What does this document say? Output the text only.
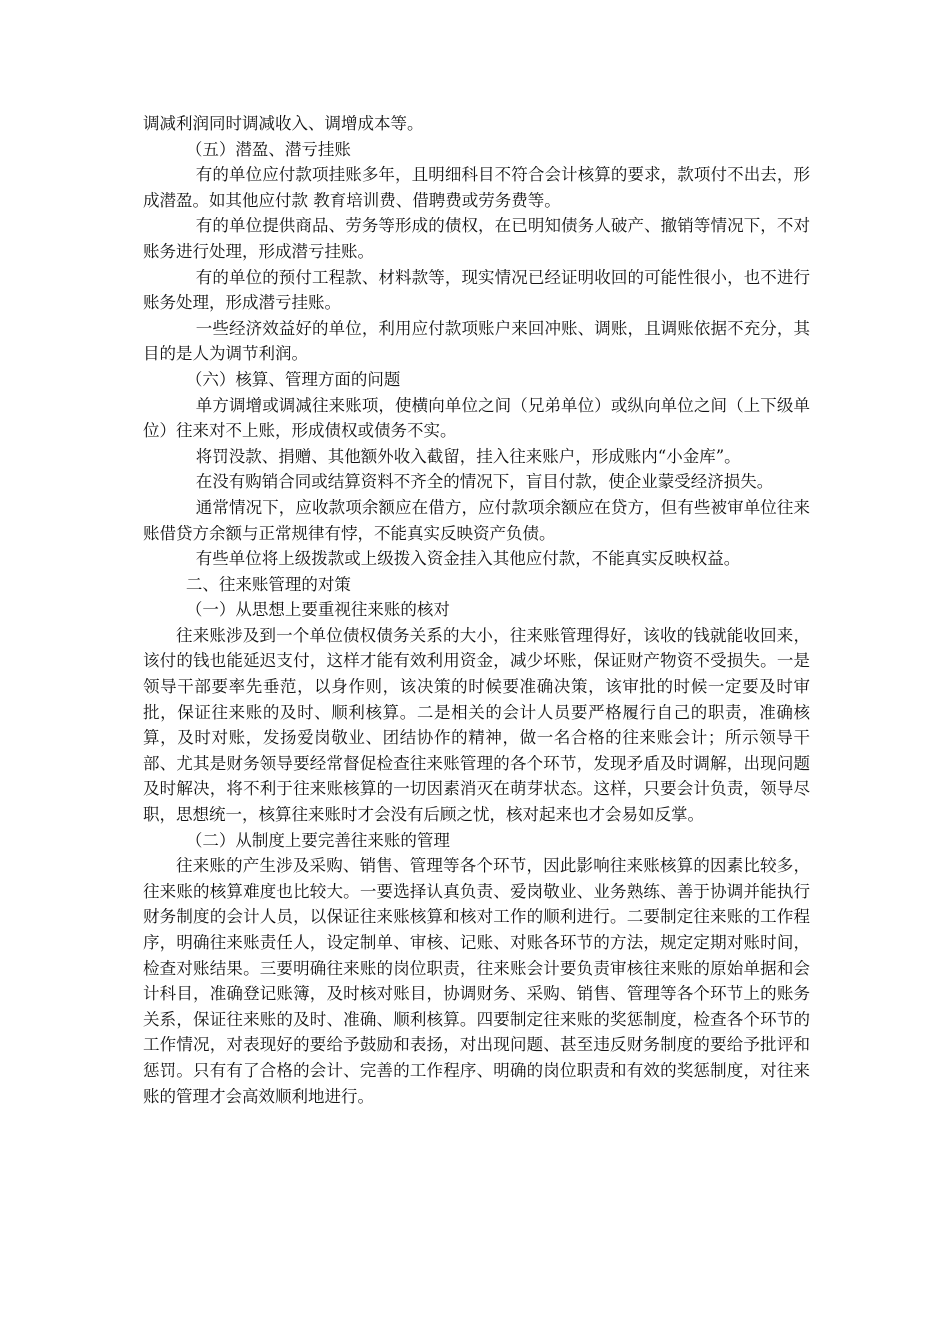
调减利润同时调减收入、调增成本等。

（五）潜盈、潜亏挂账

有的单位应付款项挂账多年，且明细科目不符合会计核算的要求，款项付不出去，形成潜盈。如其他应付款 教育培训费、借聘费或劳务费等。

有的单位提供商品、劳务等形成的债权，在已明知债务人破产、撤销等情况下，不对账务进行处理，形成潜亏挂账。

有的单位的预付工程款、材料款等，现实情况已经证明收回的可能性很小，也不进行账务处理，形成潜亏挂账。

一些经济效益好的单位，利用应付款项账户来回冲账、调账，且调账依据不充分，其目的是人为调节利润。

（六）核算、管理方面的问题

单方调增或调减往来账项，使横向单位之间（兄弟单位）或纵向单位之间（上下级单位）往来对不上账，形成债权或债务不实。

将罚没款、捐赠、其他额外收入截留，挂入往来账户，形成账内“小金库”。

在没有购销合同或结算资料不齐全的情况下，盲目付款，使企业蒙受经济损失。

通常情况下，应收款项余额应在借方，应付款项余额应在贷方，但有些被审单位往来账借贷方余额与正常规律有悖，不能真实反映资产负债。

有些单位将上级拨款或上级拨入资金挂入其他应付款，不能真实反映权益。

二、往来账管理的对策

（一）从思想上要重视往来账的核对

往来账涉及到一个单位债权债务关系的大小，往来账管理得好，该收的钱就能收回来，该付的钱也能延迟支付，这样才能有效利用资金，减少坏账，保证财产物资不受损失。一是领导干部要率先垂范，以身作则，该决策的时候要准确决策，该审批的时候一定要及时审批，保证往来账的及时、顺利核算。二是相关的会计人员要严格履行自己的职责，准确核算，及时对账，发扬爱岗敬业、团结协作的精神，做一名合格的往来账会计；所示领导干部、尤其是财务领导要经常督促检查往来账管理的各个环节，发现矛盾及时调解，出现问题及时解决，将不利于往来账核算的一切因素消灭在萌芽状态。这样，只要会计负责，领导尽职，思想统一，核算往来账时才会没有后顾之忧，核对起来也才会易如反掌。

（二）从制度上要完善往来账的管理

往来账的产生涉及采购、销售、管理等各个环节，因此影响往来账核算的因素比较多，往来账的核算难度也比较大。一要选择认真负责、爱岗敬业、业务熟练、善于协调并能执行财务制度的会计人员，以保证往来账核算和核对工作的顺利进行。二要制定往来账的工作程序，明确往来账责任人，设定制单、审核、记账、对账各环节的方法，规定定期对账时间，检查对账结果。三要明确往来账的岗位职责，往来账会计要负责审核往来账的原始单据和会计科目，准确登记账簿，及时核对账目，协调财务、采购、销售、管理等各个环节上的账务关系，保证往来账的及时、准确、顺利核算。四要制定往来账的奖惩制度，检查各个环节的工作情况，对表现好的要给予鼓励和表扬，对出现问题、甚至违反财务制度的要给予批评和惩罚。只有有了合格的会计、完善的工作程序、明确的岗位职责和有效的奖惩制度，对往来账的管理才会高效顺利地进行。
